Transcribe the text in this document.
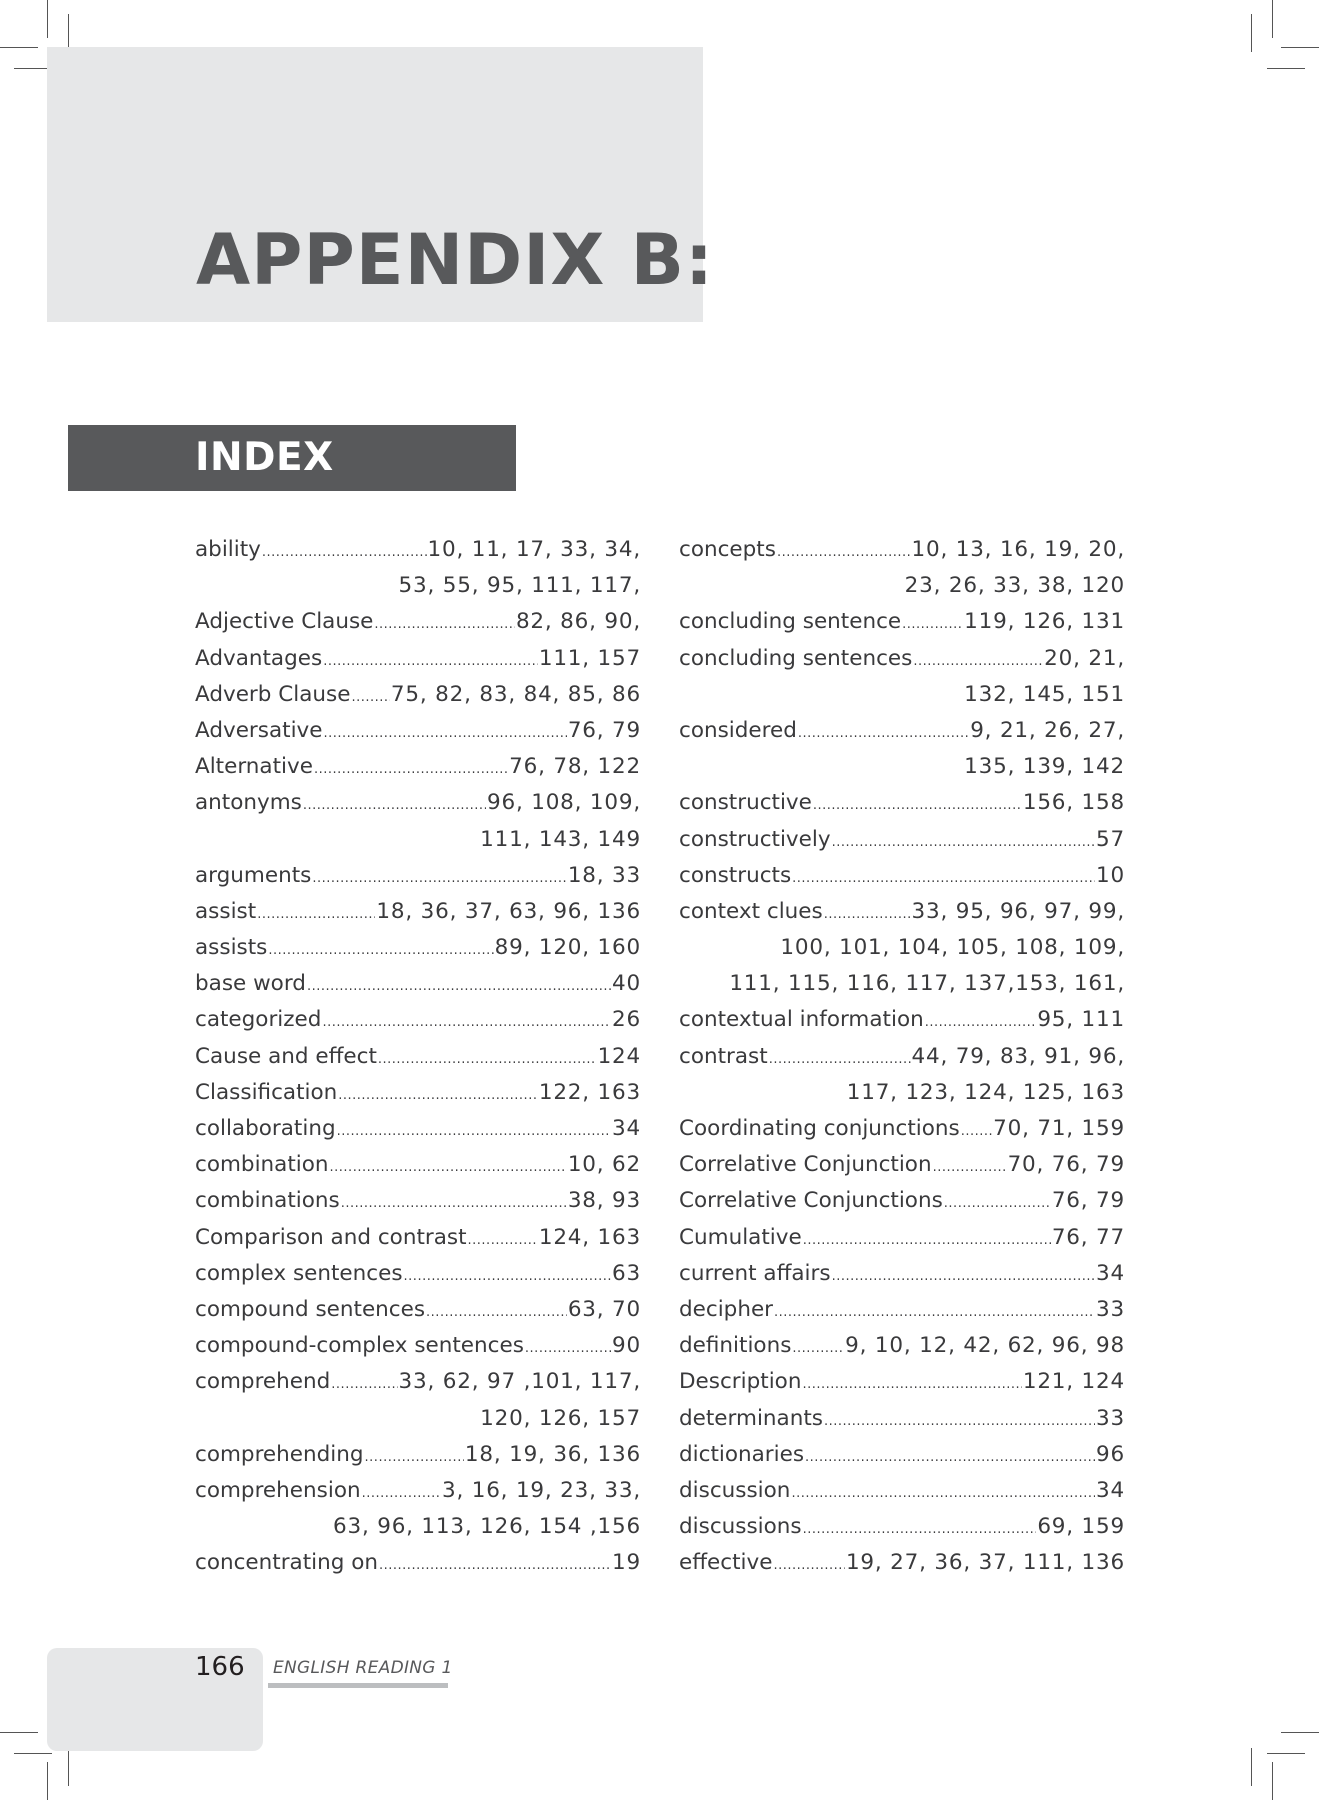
APPENDIX B:
INDEX
ability .....	10, 11, 17, 33, 34,
53, 55, 95, 111, 117,
Adjective Clause .....	82, 86, 90,
Advantages .....	111, 157
Adverb Clause ..... 75, 82, 83, 84, 85, 86
Adversative .....	76, 79
Alternative .....	76, 78, 122
antonyms .....	96, 108, 109,
111, 143, 149
arguments .....	18, 33
assist .....	18, 36, 37, 63, 96, 136
assists .....	89, 120, 160
base word .....	40
categorized .....	26
Cause and effect .....	124
Classification .....	122, 163
collaborating .....	34
combination .....	10, 62
combinations .....	38, 93
Comparison and contrast .....	124, 163
complex sentences .....	63
compound sentences .....	63, 70
compound-complex sentences .....	90
comprehend .....	33, 62, 97 ,101, 117,
120, 126, 157
comprehending .....	18, 19, 36, 136
comprehension .....	3, 16, 19, 23, 33,
63, 96, 113, 126, 154 ,156
concentrating on .....	19
concepts .....	10, 13, 16, 19, 20,
23, 26, 33, 38, 120
concluding sentence .....	119, 126, 131
concluding sentences .....	20, 21,
132, 145, 151
considered .....	9, 21, 26, 27,
135, 139, 142
constructive .....	156, 158
constructively .....	57
constructs .....	10
context clues .....	33, 95, 96, 97, 99,
100, 101, 104, 105, 108, 109,
111, 115, 116, 117, 137,153, 161,
contextual information .....	95, 111
contrast .....	44, 79, 83, 91, 96,
117, 123, 124, 125, 163
Coordinating conjunctions ..... 70, 71, 159
Correlative Conjunction .....	70, 76, 79
Correlative Conjunctions .....	76, 79
Cumulative .....	76, 77
current affairs .....	34
decipher .....	33
definitions .....	9, 10, 12, 42, 62, 96, 98
Description .....	121, 124
determinants .....	33
dictionaries .....	96
discussion .....	34
discussions .....	69, 159
effective .....	19, 27, 36, 37, 111, 136
166 ENGLISH READING 1
